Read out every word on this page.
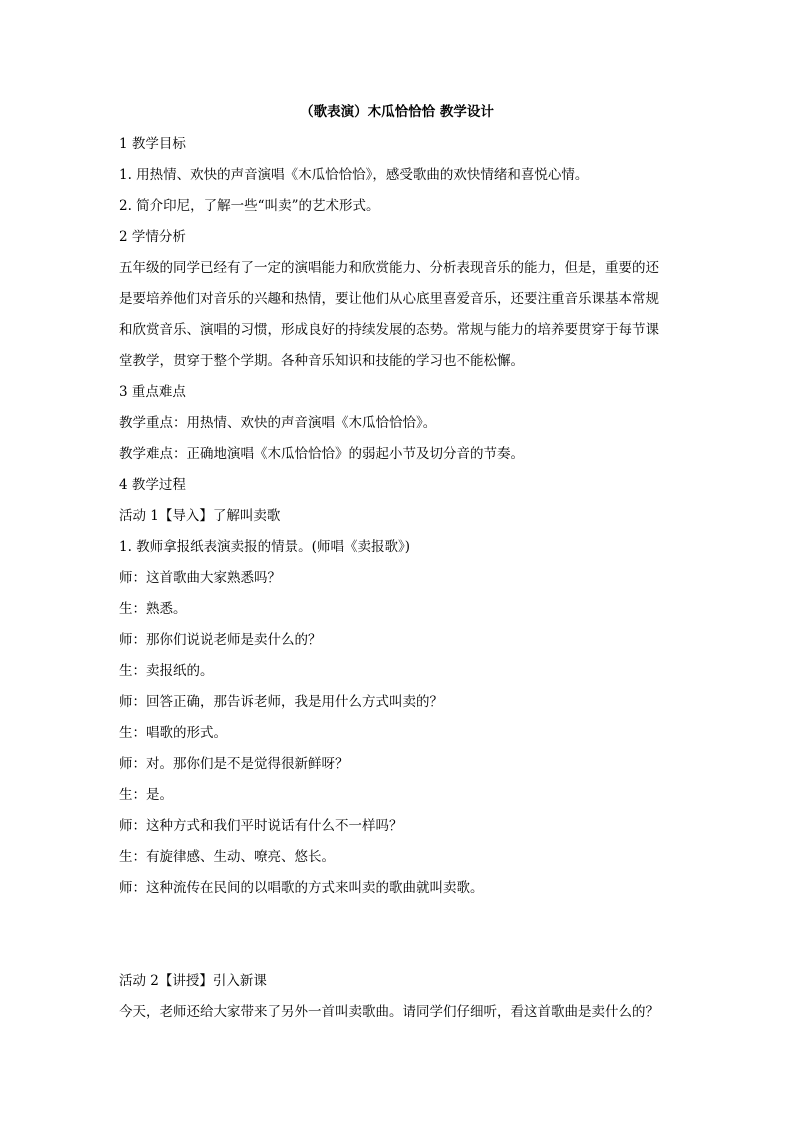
（歌表演）木瓜恰恰恰 教学设计
1 教学目标
1. 用热情、欢快的声音演唱《木瓜恰恰恰》，感受歌曲的欢快情绪和喜悦心情。
2. 简介印尼，了解一些“叫卖”的艺术形式。
2 学情分析
五年级的同学已经有了一定的演唱能力和欣赏能力、分析表现音乐的能力，但是，重要的还
是要培养他们对音乐的兴趣和热情，要让他们从心底里喜爱音乐，还要注重音乐课基本常规
和欣赏音乐、演唱的习惯，形成良好的持续发展的态势。常规与能力的培养要贯穿于每节课
堂教学，贯穿于整个学期。各种音乐知识和技能的学习也不能松懈。
3 重点难点
教学重点：用热情、欢快的声音演唱《木瓜恰恰恰》。
教学难点：正确地演唱《木瓜恰恰恰》的弱起小节及切分音的节奏。
4 教学过程
活动 1【导入】了解叫卖歌
1. 教师拿报纸表演卖报的情景。(师唱《卖报歌》)
师：这首歌曲大家熟悉吗？
生：熟悉。
师：那你们说说老师是卖什么的？
生：卖报纸的。
师：回答正确，那告诉老师，我是用什么方式叫卖的？
生：唱歌的形式。
师：对。那你们是不是觉得很新鲜呀？
生：是。
师：这种方式和我们平时说话有什么不一样吗？
生：有旋律感、生动、嘹亮、悠长。
师：这种流传在民间的以唱歌的方式来叫卖的歌曲就叫卖歌。
活动 2【讲授】引入新课
今天，老师还给大家带来了另外一首叫卖歌曲。请同学们仔细听，看这首歌曲是卖什么的？
